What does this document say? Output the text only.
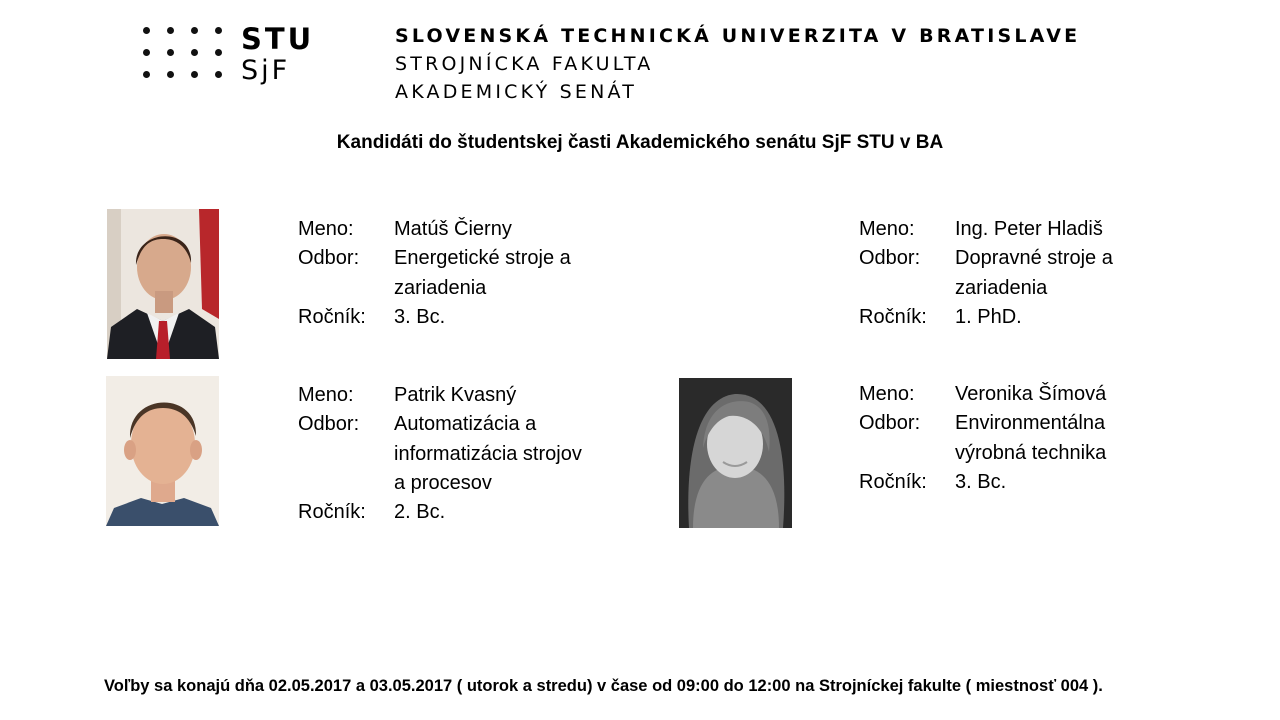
STU
SjF
SLOVENSKÁ TECHNICKÁ UNIVERZITA V BRATISLAVE
STROJNÍCKA FAKULTA
AKADEMICKÝ SENÁT
Kandidáti do študentskej časti Akademického senátu SjF STU v BA
Meno:	Matúš Čierny
Odbor:	Energetické stroje a
zariadenia
Ročník:	3. Bc.
Meno:	Ing. Peter Hladiš
Odbor:	Dopravné stroje a
zariadenia
Ročník:	1. PhD.
Meno:	Patrik Kvasný
Odbor:	Automatizácia a
informatizácia strojov
a procesov
Ročník:	2. Bc.
Meno:	Veronika Šímová
Odbor:	Environmentálna
výrobná technika
Ročník:	3. Bc.
Voľby sa konajú dňa 02.05.2017 a 03.05.2017 ( utorok a stredu) v čase od 09:00 do 12:00 na Strojníckej fakulte ( miestnosť 004 ).
